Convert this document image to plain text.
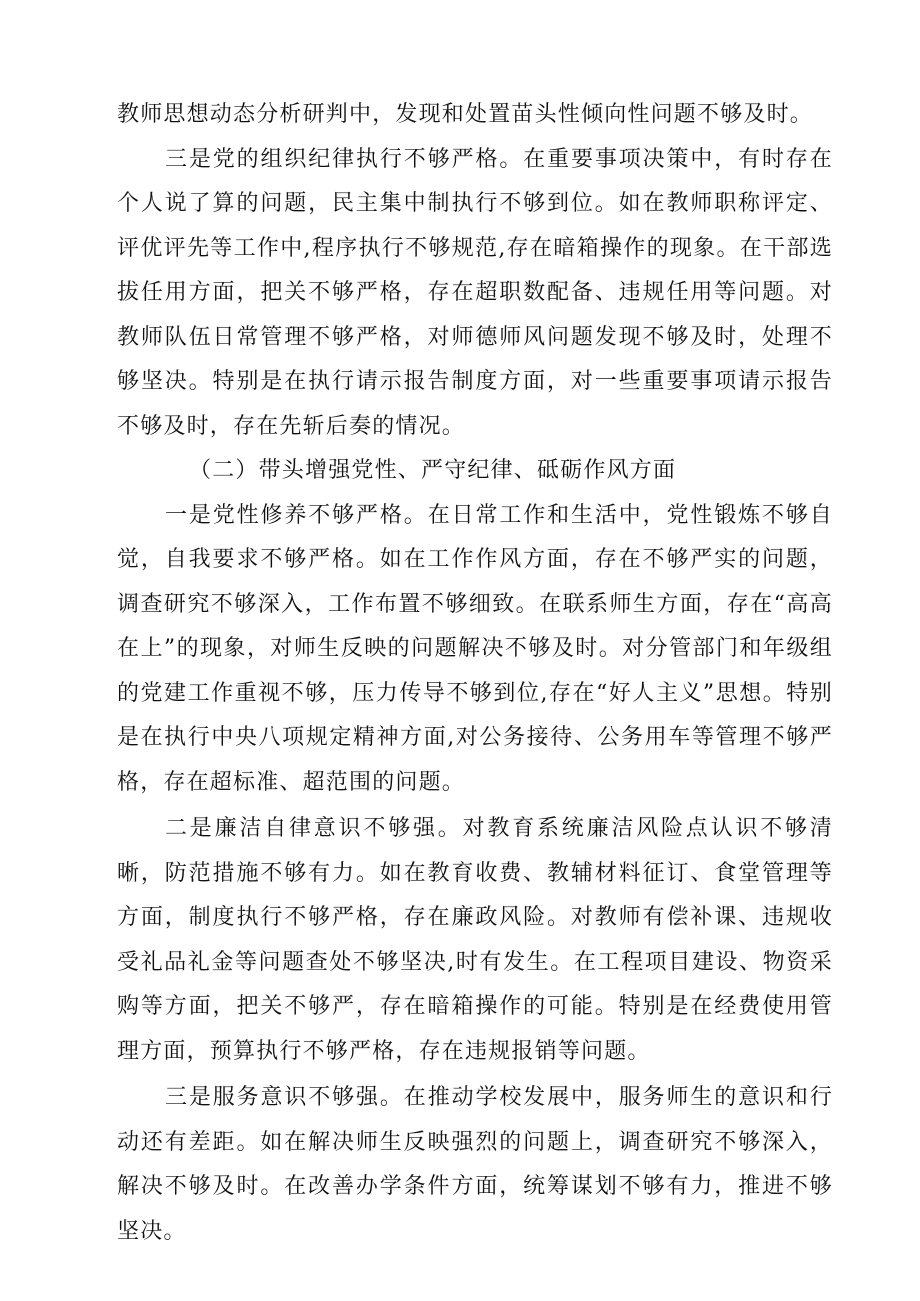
教师思想动态分析研判中，发现和处置苗头性倾向性问题不够及时。

三是党的组织纪律执行不够严格。在重要事项决策中，有时存在个人说了算的问题，民主集中制执行不够到位。如在教师职称评定、评优评先等工作中,程序执行不够规范,存在暗箱操作的现象。在干部选拔任用方面，把关不够严格，存在超职数配备、违规任用等问题。对教师队伍日常管理不够严格，对师德师风问题发现不够及时，处理不够坚决。特别是在执行请示报告制度方面，对一些重要事项请示报告不够及时，存在先斩后奏的情况。

（二）带头增强党性、严守纪律、砥砺作风方面

一是党性修养不够严格。在日常工作和生活中，党性锻炼不够自觉，自我要求不够严格。如在工作作风方面，存在不够严实的问题，调查研究不够深入，工作布置不够细致。在联系师生方面，存在“高高在上”的现象，对师生反映的问题解决不够及时。对分管部门和年级组的党建工作重视不够，压力传导不够到位,存在“好人主义”思想。特别是在执行中央八项规定精神方面,对公务接待、公务用车等管理不够严格，存在超标准、超范围的问题。

二是廉洁自律意识不够强。对教育系统廉洁风险点认识不够清晰，防范措施不够有力。如在教育收费、教辅材料征订、食堂管理等方面，制度执行不够严格，存在廉政风险。对教师有偿补课、违规收受礼品礼金等问题查处不够坚决,时有发生。在工程项目建设、物资采购等方面，把关不够严，存在暗箱操作的可能。特别是在经费使用管理方面，预算执行不够严格，存在违规报销等问题。

三是服务意识不够强。在推动学校发展中，服务师生的意识和行动还有差距。如在解决师生反映强烈的问题上，调查研究不够深入，解决不够及时。在改善办学条件方面，统筹谋划不够有力，推进不够坚决。
